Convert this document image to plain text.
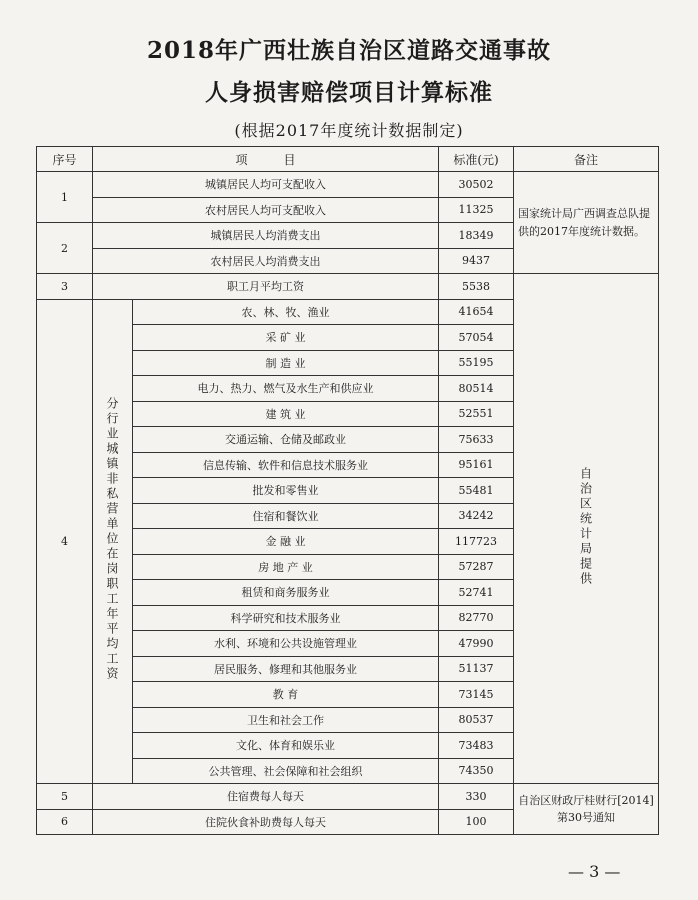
2018年广西壮族自治区道路交通事故
人身损害赔偿项目计算标准
(根据2017年度统计数据制定)
序号	项　　　目		标准(元)	备注
1	城镇居民人均可支配收入		30502	国家统计局广西调查总队提供的2017年度统计数据。
	农村居民人均可支配收入		11325	
2	城镇居民人均消费支出		18349	
	农村居民人均消费支出		9437	
3	职工月平均工资		5538	自治区统计局提供
4	分行业城镇非私营单位在岗职工年平均工资	农、林、牧、渔业	41654	
		采 矿 业	57054	
		制 造 业	55195	
		电力、热力、燃气及水生产和供应业	80514	
		建 筑 业	52551	
		交通运输、仓储及邮政业	75633	
		信息传输、软件和信息技术服务业	95161	
		批发和零售业	55481	
		住宿和餐饮业	34242	
		金 融 业	117723	
		房 地 产 业	57287	
		租赁和商务服务业	52741	
		科学研究和技术服务业	82770	
		水利、环境和公共设施管理业	47990	
		居民服务、修理和其他服务业	51137	
		教 育	73145	
		卫生和社会工作	80537	
		文化、体育和娱乐业	73483	
		公共管理、社会保障和社会组织	74350	
5	住宿费每人每天		330	自治区财政厅桂财行[2014]第30号通知
6	住院伙食补助费每人每天		100	
— 3 —
